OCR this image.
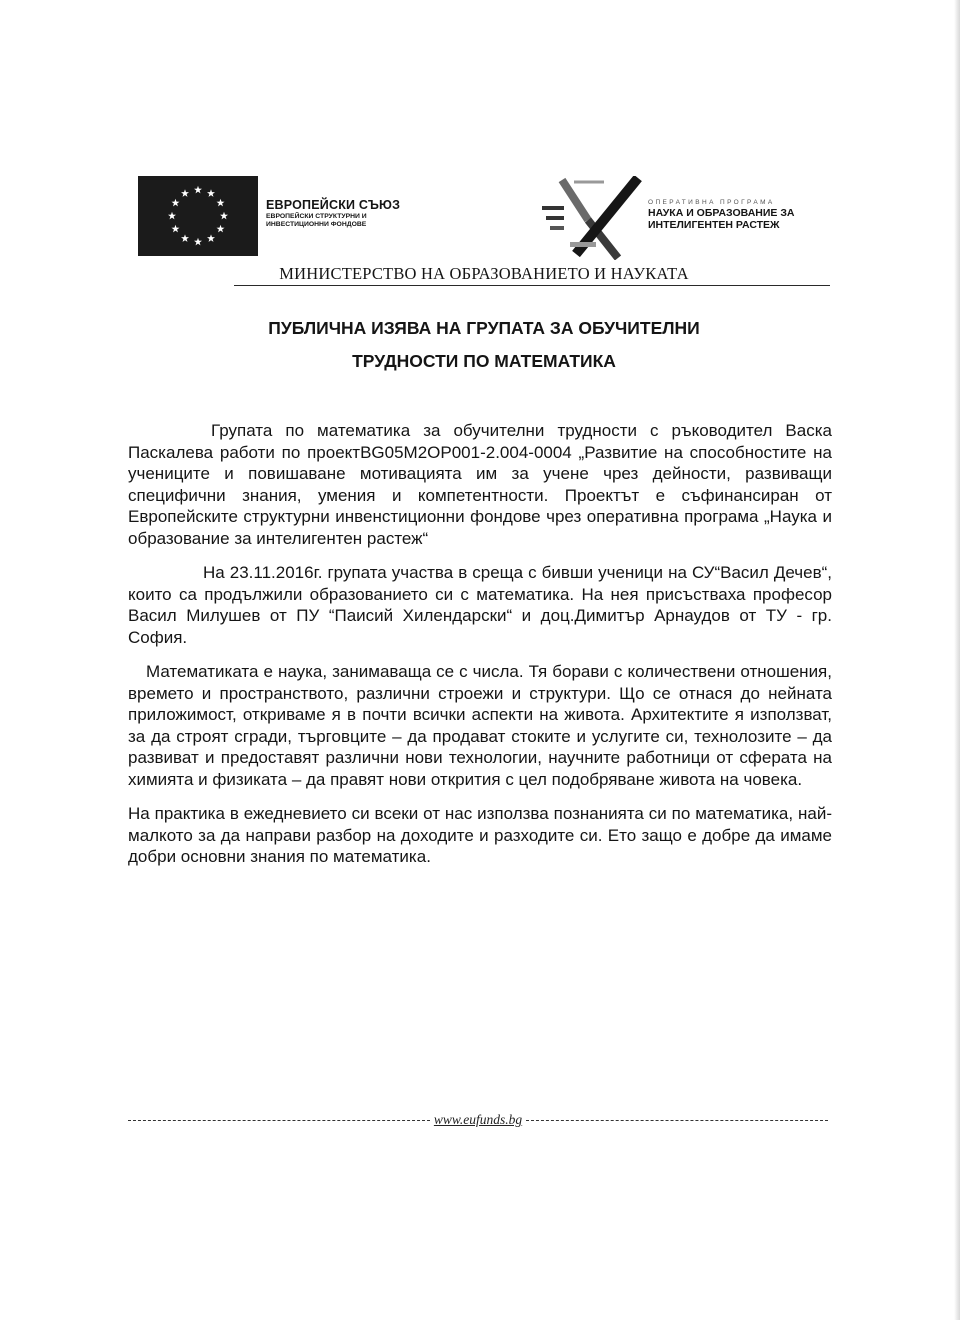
ЕВРОПЕЙСКИ СЪЮЗ
ЕВРОПЕЙСКИ СТРУКТУРНИ И
ИНВЕСТИЦИОННИ ФОНДОВЕ
ОПЕРАТИВНА ПРОГРАМА
НАУКА И ОБРАЗОВАНИЕ ЗА
ИНТЕЛИГЕНТЕН РАСТЕЖ
МИНИСТЕРСТВО НА ОБРАЗОВАНИЕТО И НАУКАТА
ПУБЛИЧНА ИЗЯВА НА ГРУПАТА ЗА ОБУЧИТЕЛНИ
ТРУДНОСТИ ПО МАТЕМАТИКА

Групата по математика за обучителни трудности с ръководител Васка Паскалева работи по проектBG05M2OP001-2.004-0004 „Развитие на способностите на учениците и повишаване мотивацията им за учене чрез дейности, развиващи специфични знания, умения и компетентности. Проектът е съфинансиран от Европейските структурни инвенстиционни фондове чрез оперативна програма „Наука и образование за интелигентен растеж“

На 23.11.2016г. групата участва в среща с бивши ученици на СУ“Васил Дечев“, които са продължили образованието си с математика. На нея присъстваха професор Васил Милушев от ПУ “Паисий Хилендарски“ и доц.Димитър Арнаудов от ТУ - гр. София.

Математиката е наука, занимаваща се с числа. Тя борави с количествени отношения, времето и пространството, различни строежи и структури. Що се отнася до нейната приложимост, откриваме я в почти всички аспекти на живота. Архитектите я използват, за да строят сгради, търговците – да продават стоките и услугите си, технолозите – да развиват и предоставят различни нови технологии, научните работници от сферата на химията и физиката – да правят нови открития с цел подобряване живота на човека.

На практика в ежедневието си всеки от нас използва познанията си по математика, най- малкото за да направи разбор на доходите и разходите си. Ето защо е добре да имаме добри основни знания по математика.

www.eufunds.bg
